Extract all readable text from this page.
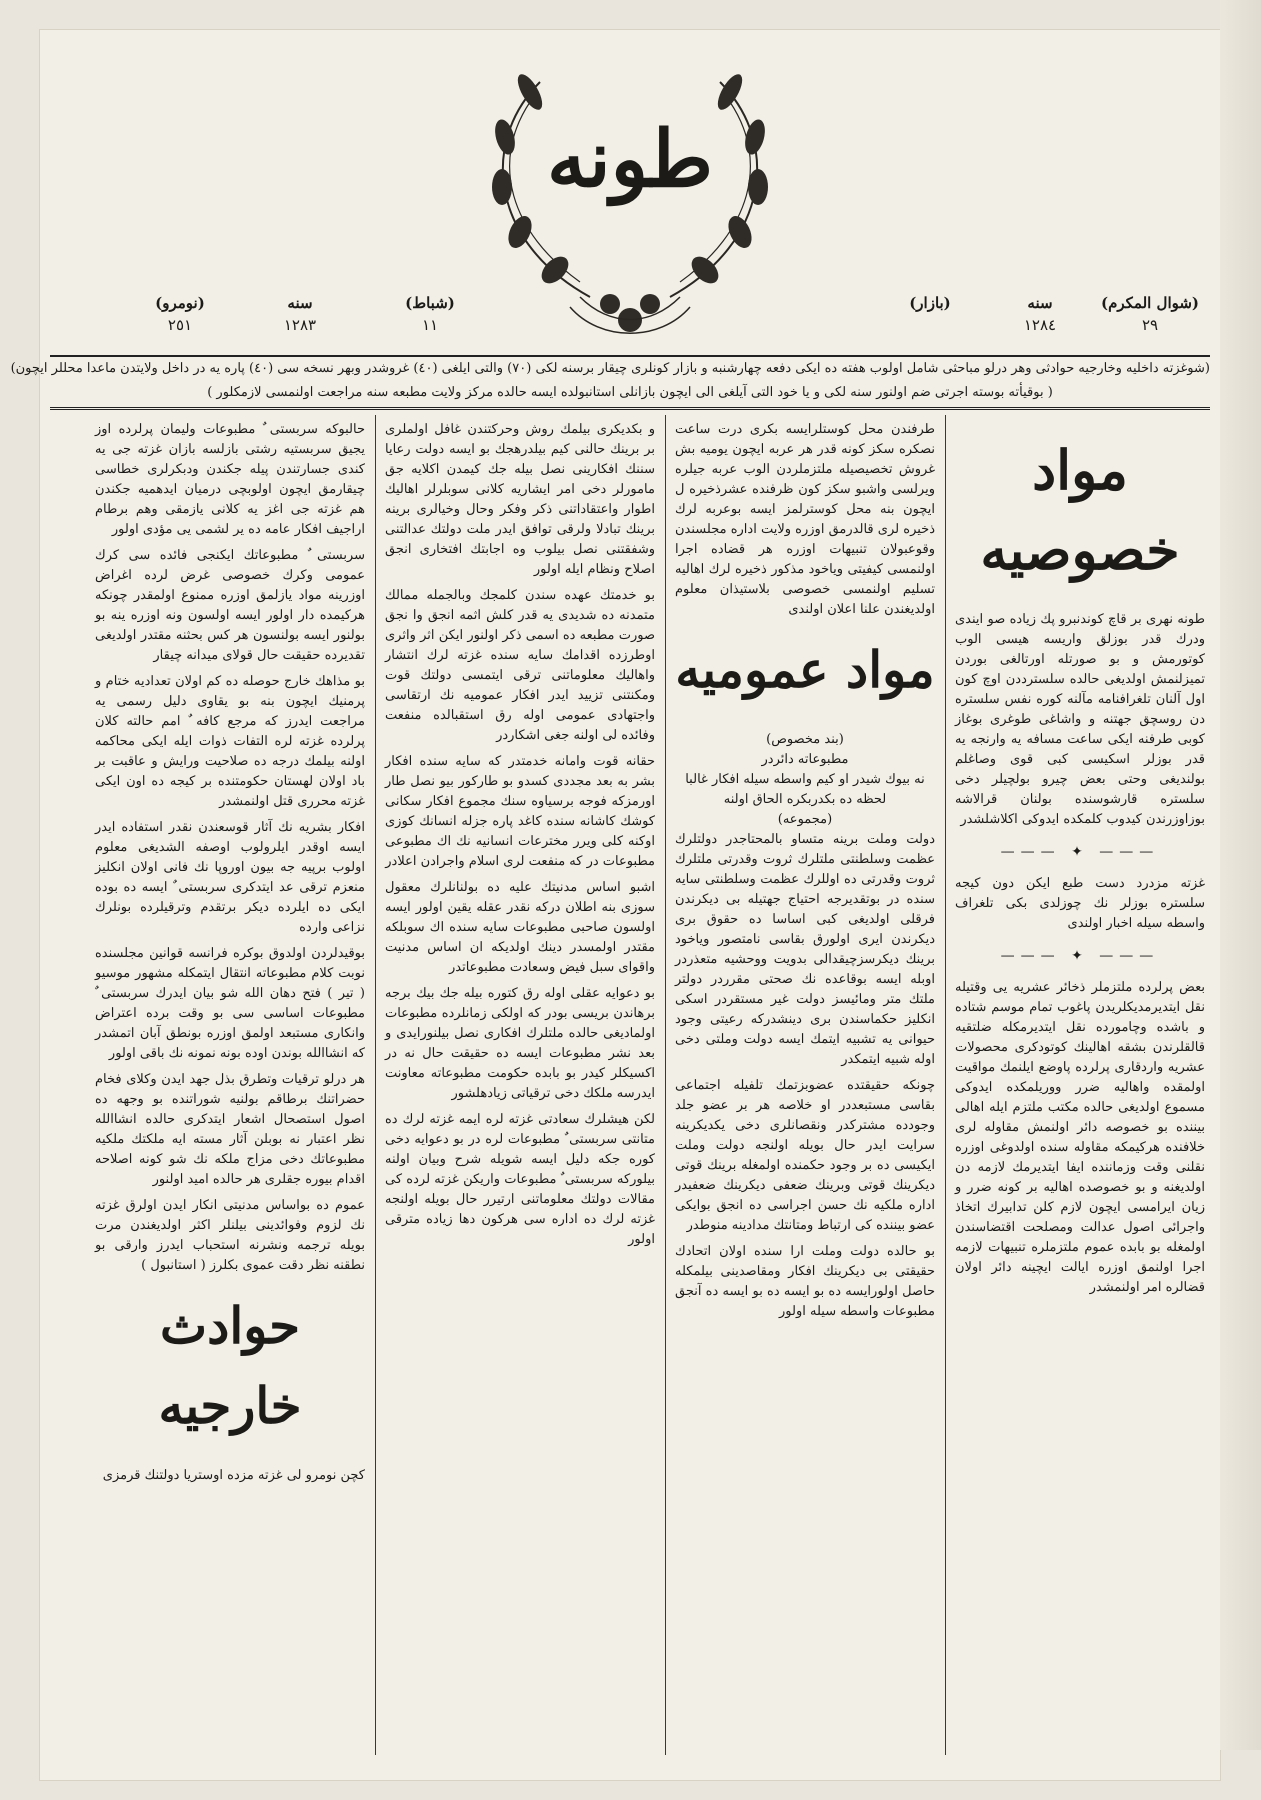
طونه
(شوال المكرم)
٢٩
سنه
١٢٨٤
(بازار)
(شباط)
١١
سنه
١٢٨٣
(نومرو)
٢٥١
(شوغزته داخليه وخارجيه حوادثى وهر درلو مباحثى شامل اولوب هفته ده ايكى دفعه چهارشنبه و بازار كونلرى چيقار برسنه لكى (٧٠) والتى ايلغى (٤٠) غروشدر وبهر نسخه سى (٤٠) پاره يه در داخل ولايتدن ماعدا محللر ايچون)
( بوقيأته بوسته اجرتى ضم اولنور سنه لكى و يا خود التى آيلغى الى ايچون بازانلى استانبولده ايسه حالده مركز ولايت مطبعه سنه مراجعت اولنمسى لازمكلور )
مواد خصوصيه

طونه نهرى بر قاچ كوندنبرو پك زياده صو ايندى ودرك قدر بوزلق واريسه هيسى الوب كوتورمش و بو صورتله اورتالغى بوردن تميزلنمش اولديغى حالده سلسترددن اوچ كون اول آلنان تلغرافنامه مآلنه كوره نفس سلستره دن روسچق جهتنه و واشاغى طوغرى بوغاز كوبى طرفنه ايكى ساعت مسافه يه وارنجه يه قدر بوزلر اسكيسى كبى قوى وصاغلم بولنديغى وحتى بعض چيرو بولچيلر دخى سلستره قارشوسنده بولنان قرالاشه بوزاوزرندن كيدوب كلمكده ايدوكى اكلاشلشدر

——— ✦ ———

غزته مزدرد دست طبع ايكن دون كيجه سلستره بوزلر نك چوزلدى بكى تلغراف واسطه سيله اخبار اولندى

——— ✦ ———

بعض پرلرده ملتزملر ذخائر عشريه يى وقتيله نقل ايتديرمديكلريدن پاغوب تمام موسم شتاده و باشده وچامورده نقل ايتديرمكله ضلتقيه قالقلرندن بشقه اهالينك كوتودكرى محصولات عشريه واردقارى پرلرده پاوضع ايلنمك مواقيت اولمقده واهاليه ضرر ووريلمكده ايدوكى مسموع اولديغى حالده مكتب ملتزم ايله اهالى بيننده بو خصوصه دائر اولنمش مقاوله لرى خلافنده هركيمكه مقاوله سنده اولدوغى اوزره نقلنى وقت وزماننده ايفا ايتديرمك لازمه دن اولديغنه و بو خصوصده اهاليه بر كونه ضرر و زيان ايرامسى ايچون لازم كلن تدابيرك اتخاذ واجرائى اصول عدالت ومصلحت اقتضاسندن اولمغله بو بابده عموم ملتزملره تنبيهات لازمه اجرا اولنمق اوزره ايالت ايچينه دائر اولان قضالره امر اولنمشدر

طرفندن محل كوستلرايسه بكرى درت ساعت نصكره سكز كونه قدر هر عربه ايچون يوميه بش غروش تخصيصيله ملتزملردن الوب عربه جيلره ويرلسى واشبو سكز كون ظرفنده عشرذخيره ل ايچون بنه محل كوسترلمز ايسه بوعربه لرك ذخيره لرى قالدرمق اوزره ولايت اداره مجلسندن وقوعبولان تنبيهات اوزره هر قضاده اجرا اولنمسى كيفيتى وياخود مذكور ذخيره لرك اهاليه تسليم اولنمسى خصوصى بلاستيذان معلوم اولديغندن علنا اعلان اولندى

مواد عموميه
(بند مخصوص)
مطبوعاته دائردر
نه بيوك شيدر او كيم واسطه سيله افكار غالبا لحظه ده بكدربكره الحاق اولنه
(مجموعه)

دولت وملت برينه متساو بالمحتاجدر دولتلرك عظمت وسلطنتى ملتلرك ثروت وقدرتى ملتلرك ثروت وقدرتى ده اوللرك عظمت وسلطنتى سايه سنده در بوتقديرجه احتياج جهتيله بى ديكرندن فرقلى اولديغى كبى اساسا ده حقوق برى ديكرندن ايرى اولورق بقاسى نامتصور وياخود برينك ديكرسزچيقدالى بدويت ووحشيه متعذردر اوبله ايسه بوقاعده نك صحتى مقرردر دولتر ملتك متر ومائيسز دولت غير مستقردر اسكى انكليز حكماسندن برى دينشدركه رعيتى وجود حيوانى يه تشبيه ايتمك ايسه دولت وملتى دخى اوله شبيه ايتمكدر

چونكه حقيقتده عضوبزتمك تلفيله اجتماعى بقاسى مستبعددر او خلاصه هر بر عضو جلد وجودده مشتركدر ونقصانلرى دخى يكديكرينه سرايت ايدر حال بويله اولنجه دولت وملت ايكيسى ده بر وجود حكمنده اولمغله برينك قوتى ديكرينك قوتى وبرينك ضعفى ديكرينك ضعفيدر اداره ملكيه نك حسن اجراسى ده انجق بوايكى عضو بيننده كى ارتباط ومتانتك مدادينه منوطدر

بو حالده دولت وملت ارا سنده اولان اتحادك حقيقتى بى ديكرينك افكار ومقاصدينى بيلمكله حاصل اولورايسه ده بو ايسه ده بو ايسه ده آنجق مطبوعات واسطه سيله اولور

و بكديكرى بيلمك روش وحركتندن غافل اولملرى بر برينك حالنى كيم بيلدرهجك بو ايسه دولت رعايا سننك افكارينى نصل بيله جك كيمدن اكلايه جق مامورلر دخى امر ايشاريه كلانى سوبلرلر اهاليك اطوار واعتقاداتنى ذكر وفكر وحال وخيالرى برينه برينك تبادلا ولرقى توافق ايدر ملت دولتك عدالتنى وشفقتنى نصل بيلوب وه اجابتك افتخارى انجق اصلاح ونظام ايله اولور

بو خدمتك عهده سندن كلمجك وبالجمله ممالك متمدنه ده شديدى يه قدر كلش اثمه انجق وا نجق صورت مطبعه ده اسمى ذكر اولنور ايكن اثر واثرى اوطرزده اقدامك سايه سنده غزته لرك انتشار واهاليك معلوماتنى ترقى ايتمسى دولتك قوت ومكنتنى تزييد ايدر افكار عموميه نك ارتقاسى واجتهادى عمومى اوله رق استقبالده منفعت وفائده لى اولنه جغى اشكاردر

حقانه قوت وامانه خدمتدر كه سايه سنده افكار بشر به بعد مجددى كسدو بو طاركور بيو نصل طار اورمزكه فوجه برسياوه سنك مجموع افكار سكانى كوشك كاشانه سنده كاغد پاره جزله انسانك كوزى اوكنه كلى ويرر مخترعات انسانيه نك اك مطبوعى مطبوعات در كه منفعت لرى اسلام واجرادن اعلادر

اشبو اساس مدنيتك عليه ده بولنانلرك معقول سوزى بنه اطلان دركه نقدر عقله يقين اولور ايسه اولسون صاحبى مطبوعات سايه سنده اك سوبلكه مقتدر اولمسدر دينك اولديكه ان اساس مدنيت واقواى سبل فيض وسعادت مطبوعاتدر

بو دعوايه عقلى اوله رق كتوره بيله جك بيك برجه برهاندن بريسى بودر كه اولكى زمانلرده مطبوعات اولماديغى حالده ملتلرك افكارى نصل بيلنورايدى و بعد نشر مطبوعات ايسه ده حقيقت حال نه در اكسيكلر كيدر بو بابده حكومت مطبوعاته معاونت ايدرسه ملكك دخى ترقياتى زيادهلشور

لكن هيشلرك سعادتى غزته لره ايمه غزته لرك ده متانتى سربستى ٌ مطبوعات لره در بو دعوايه دخى كوره جكه دليل ايسه شويله شرح وبيان اولنه بيلوركه سربستى ٌ مطبوعات واريكن غزته لرده كى مقالات دولتك معلوماتنى ارتيرر حال بويله اولنجه غزته لرك ده اداره سى هركون دها زياده مترقى اولور

حالبوكه سربستى ٌ مطبوعات وليمان پرلرده اوز يجيق سربستيه رشتى بازلسه بازان غزته جى يه كندى جسارتندن پيله جكندن ودبكرلرى خطاسى چيقارمق ايچون اولوبچى درميان ايدهميه جكندن هم غزته جى اغز يه كلانى يازمقى وهم برطام اراجيف افكار عامه ده ير لشمى يى مؤدى اولور

سربستى ٌ مطبوعاتك ايكنجى فائده سى كرك عمومى وكرك خصوصى غرض لرده اغراض اوزرينه مواد يازلمق اوزره ممنوع اولمقدر چونكه هركيمده دار اولور ايسه اولسون ونه اوزره ينه بو بولنور ايسه بولنسون هر كس بحثنه مقتدر اولديغى تقديرده حقيقت حال قولاى ميدانه چيقار

بو مذاهك خارج حوصله ده كم اولان تعداديه ختام و پرمنيك ايچون بنه بو يقاوى دليل رسمى يه مراجعت ايدرز كه مرجع كافه ٌ امم حالته كلان پرلرده غزته لره التفات ذوات ايله ايكى محاكمه اولنه بيلمك درجه ده صلاحيت ورايش و عاقبت بر باد اولان لهستان حكومتنده بر كيجه ده اون ايكى غزته محررى قتل اولنمشدر

افكار بشريه نك آثار قوسعندن نقدر استفاده ايدر ايسه اوقدر ايلرولوب اوصفه الشديغى معلوم اولوب برپيه جه بيون اوروپا نك فانى اولان انكليز منعزم ترقى عد ايتدكرى سربستى ٌ ايسه ده بوده ايكى ده ايلرده ديكر برتقدم وترقيلرده بونلرك نزاعى وارده

بوقيدلردن اولدوق بوكره فرانسه قوانين مجلسنده نوبت كلام مطبوعاته انتقال ايتمكله مشهور موسيو ( تير ) فتح دهان الله شو بيان ايدرك سربستى ٌ مطبوعات اساسى سى بو وقت برده اعتراض وانكارى مستبعد اولمق اوزره بونطق آبان اتمشدر كه انشاالله بوندن اوده بونه نمونه نك باقى اولور

هر درلو ترقيات وتطرق بذل جهد ايدن وكلاى فخام حضراتنك برطاقم بولنيه شوراتنده بو وجهه ده اصول استصحال اشعار ايتدكرى حالده انشاالله نظر اعتبار نه بوبلن آثار مسته ايه ملكتك ملكيه مطبوعاتك دخى مزاج ملكه نك شو كونه اصلاحه اقدام بيوره جقلرى هر حالده اميد اولنور

عموم ده بواساس مدنيتى انكار ايدن اولرق غزته نك لزوم وفوائدينى بيلنلر اكثر اولديغندن مرت بويله ترجمه ونشرنه استحباب ايدرز وارقى بو نطقنه نظر دقت عموى بكلرز ( استانبول )

حوادث خارجيه

كچن نومرو لى غزته مزده اوستريا دولتنك قرمزى
